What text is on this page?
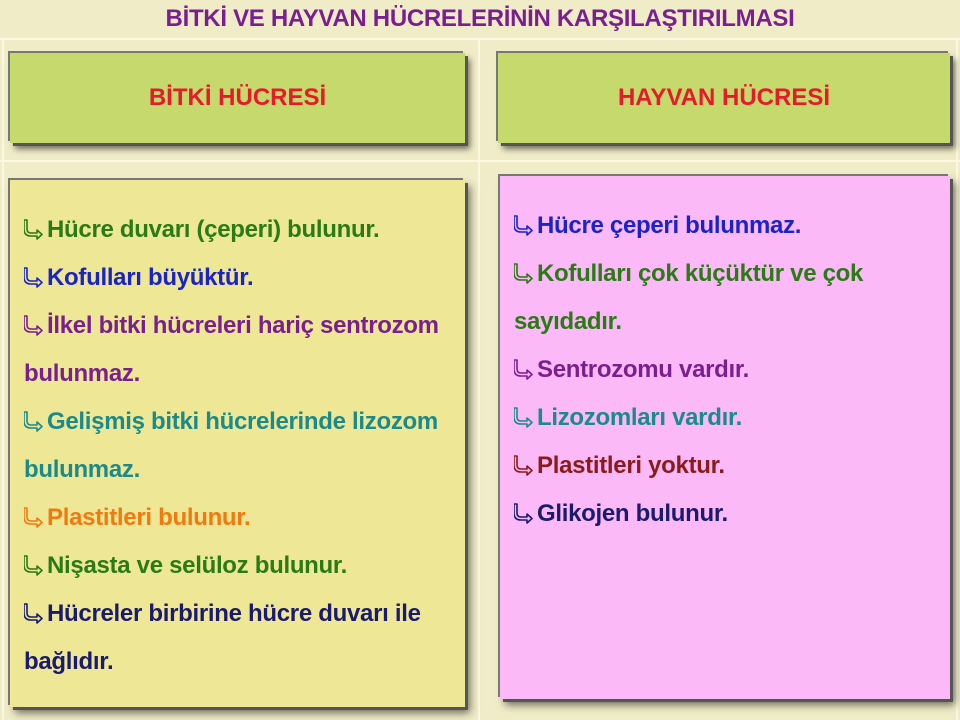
BİTKİ VE HAYVAN HÜCRELERİNİN KARŞILAŞTIRILMASI
BİTKİ HÜCRESİ	HAYVAN HÜCRESİ
Hücre duvarı (çeperi) bulunur.
Kofulları büyüktür.
İlkel bitki hücreleri hariç sentrozom bulunmaz.
Gelişmiş bitki hücrelerinde lizozom bulunmaz.
Plastitleri bulunur.
Nişasta ve selüloz bulunur.
Hücreler birbirine hücre duvarı ile bağlıdır.
Hücre çeperi bulunmaz.
Kofulları çok küçüktür ve çok sayıdadır.
Sentrozomu vardır.
Lizozomları vardır.
Plastitleri yoktur.
Glikojen bulunur.
